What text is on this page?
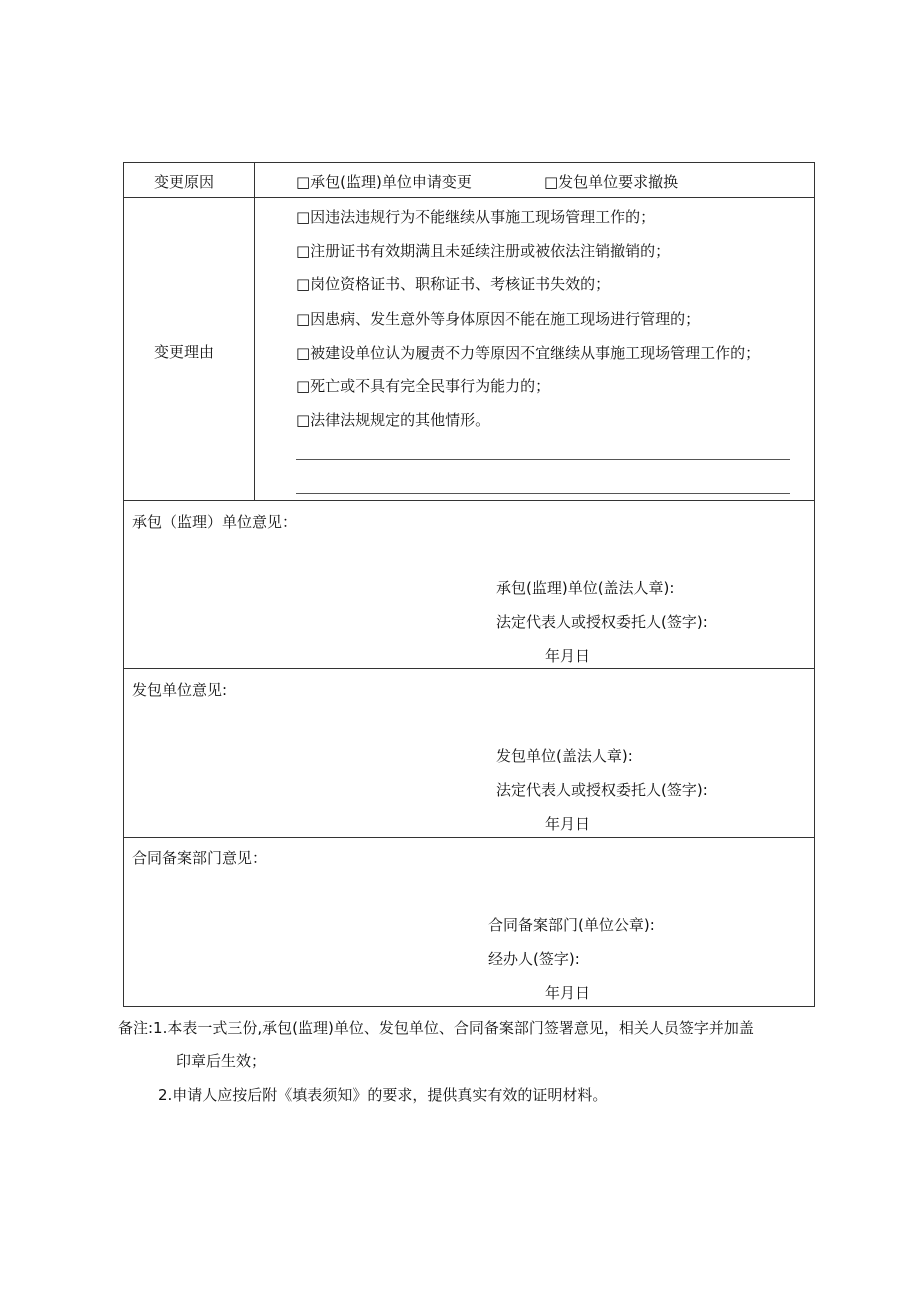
变更原因	□承包(监理)单位申请变更	□发包单位要求撤换
变更理由
□因违法违规行为不能继续从事施工现场管理工作的；
□注册证书有效期满且未延续注册或被依法注销撤销的；
□岗位资格证书、职称证书、考核证书失效的；
□因患病、发生意外等身体原因不能在施工现场进行管理的；
□被建设单位认为履责不力等原因不宜继续从事施工现场管理工作的；
□死亡或不具有完全民事行为能力的；
□法律法规规定的其他情形。
承包（监理）单位意见：
承包(监理)单位(盖法人章):
法定代表人或授权委托人(签字):
年月日
发包单位意见:
发包单位(盖法人章):
法定代表人或授权委托人(签字):
年月日
合同备案部门意见：
合同备案部门(单位公章):
经办人(签字):
年月日
备注:1.本表一式三份,承包(监理)单位、发包单位、合同备案部门签署意见，相关人员签字并加盖
印章后生效；
2.申请人应按后附《填表须知》的要求，提供真实有效的证明材料。
